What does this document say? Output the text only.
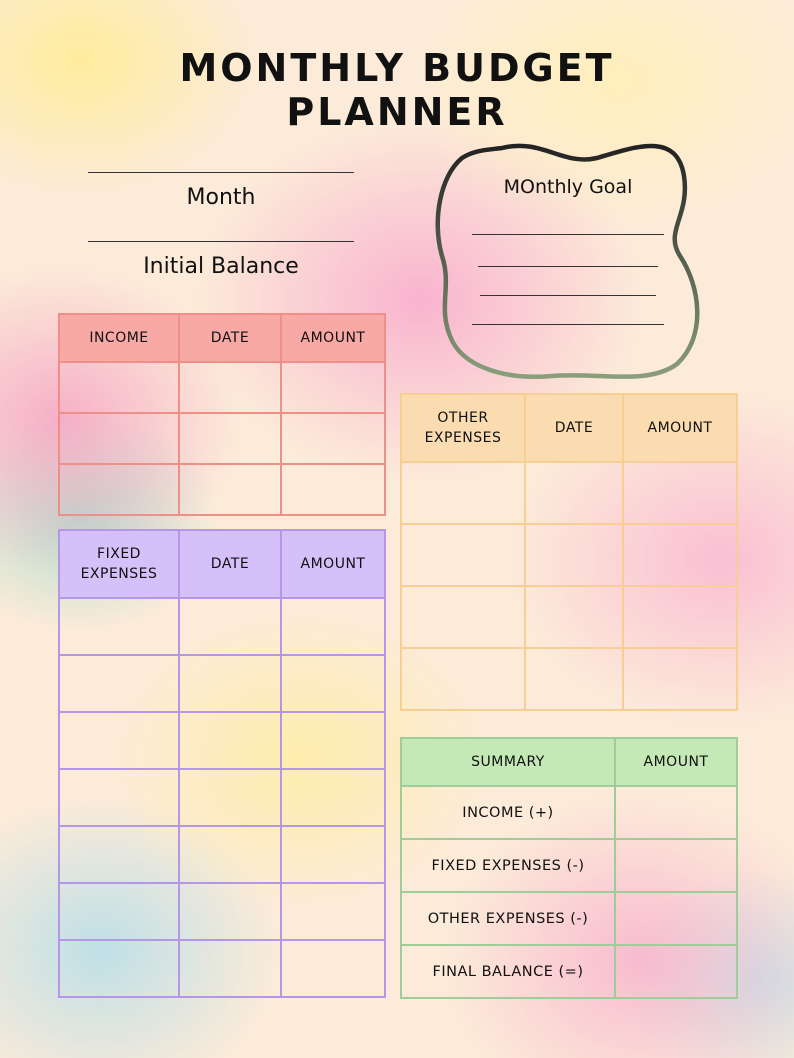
MONTHLY BUDGET
PLANNER
Month
Initial Balance
MOnthly Goal
INCOME	DATE	AMOUNT

FIXED EXPENSES	DATE	AMOUNT

OTHER EXPENSES	DATE	AMOUNT

SUMMARY	AMOUNT
INCOME (+)	
FIXED EXPENSES (-)	
OTHER EXPENSES (-)	
FINAL BALANCE (=)	
